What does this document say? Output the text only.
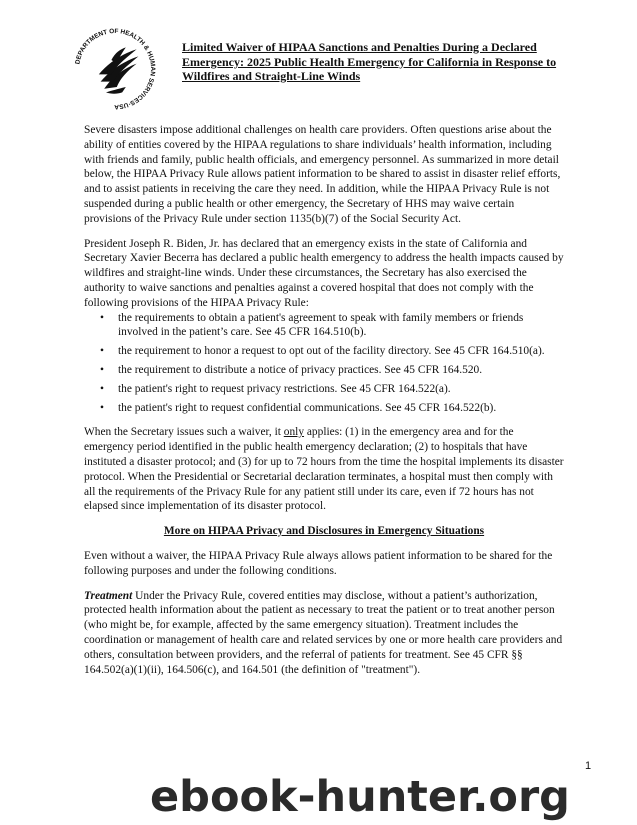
DEPARTMENT OF HEALTH & HUMAN SERVICES·USA
Limited Waiver of HIPAA Sanctions and Penalties During a Declared Emergency: 2025 Public Health Emergency for California in Response to Wildfires and Straight-Line Winds

Severe disasters impose additional challenges on health care providers. Often questions arise about the ability of entities covered by the HIPAA regulations to share individuals’ health information, including with friends and family, public health officials, and emergency personnel. As summarized in more detail below, the HIPAA Privacy Rule allows patient information to be shared to assist in disaster relief efforts, and to assist patients in receiving the care they need. In addition, while the HIPAA Privacy Rule is not suspended during a public health or other emergency, the Secretary of HHS may waive certain provisions of the Privacy Rule under section 1135(b)(7) of the Social Security Act.

President Joseph R. Biden, Jr. has declared that an emergency exists in the state of California and Secretary Xavier Becerra has declared a public health emergency to address the health impacts caused by wildfires and straight-line winds. Under these circumstances, the Secretary has also exercised the authority to waive sanctions and penalties against a covered hospital that does not comply with the following provisions of the HIPAA Privacy Rule:

• the requirements to obtain a patient's agreement to speak with family members or friends involved in the patient’s care. See 45 CFR 164.510(b).
• the requirement to honor a request to opt out of the facility directory. See 45 CFR 164.510(a).
• the requirement to distribute a notice of privacy practices. See 45 CFR 164.520.
• the patient's right to request privacy restrictions. See 45 CFR 164.522(a).
• the patient's right to request confidential communications. See 45 CFR 164.522(b).

When the Secretary issues such a waiver, it only applies: (1) in the emergency area and for the emergency period identified in the public health emergency declaration; (2) to hospitals that have instituted a disaster protocol; and (3) for up to 72 hours from the time the hospital implements its disaster protocol. When the Presidential or Secretarial declaration terminates, a hospital must then comply with all the requirements of the Privacy Rule for any patient still under its care, even if 72 hours has not elapsed since implementation of its disaster protocol.

More on HIPAA Privacy and Disclosures in Emergency Situations

Even without a waiver, the HIPAA Privacy Rule always allows patient information to be shared for the following purposes and under the following conditions.

Treatment Under the Privacy Rule, covered entities may disclose, without a patient’s authorization, protected health information about the patient as necessary to treat the patient or to treat another person (who might be, for example, affected by the same emergency situation). Treatment includes the coordination or management of health care and related services by one or more health care providers and others, consultation between providers, and the referral of patients for treatment. See 45 CFR §§ 164.502(a)(1)(ii), 164.506(c), and 164.501 (the definition of "treatment").

1
ebook-hunter.org
